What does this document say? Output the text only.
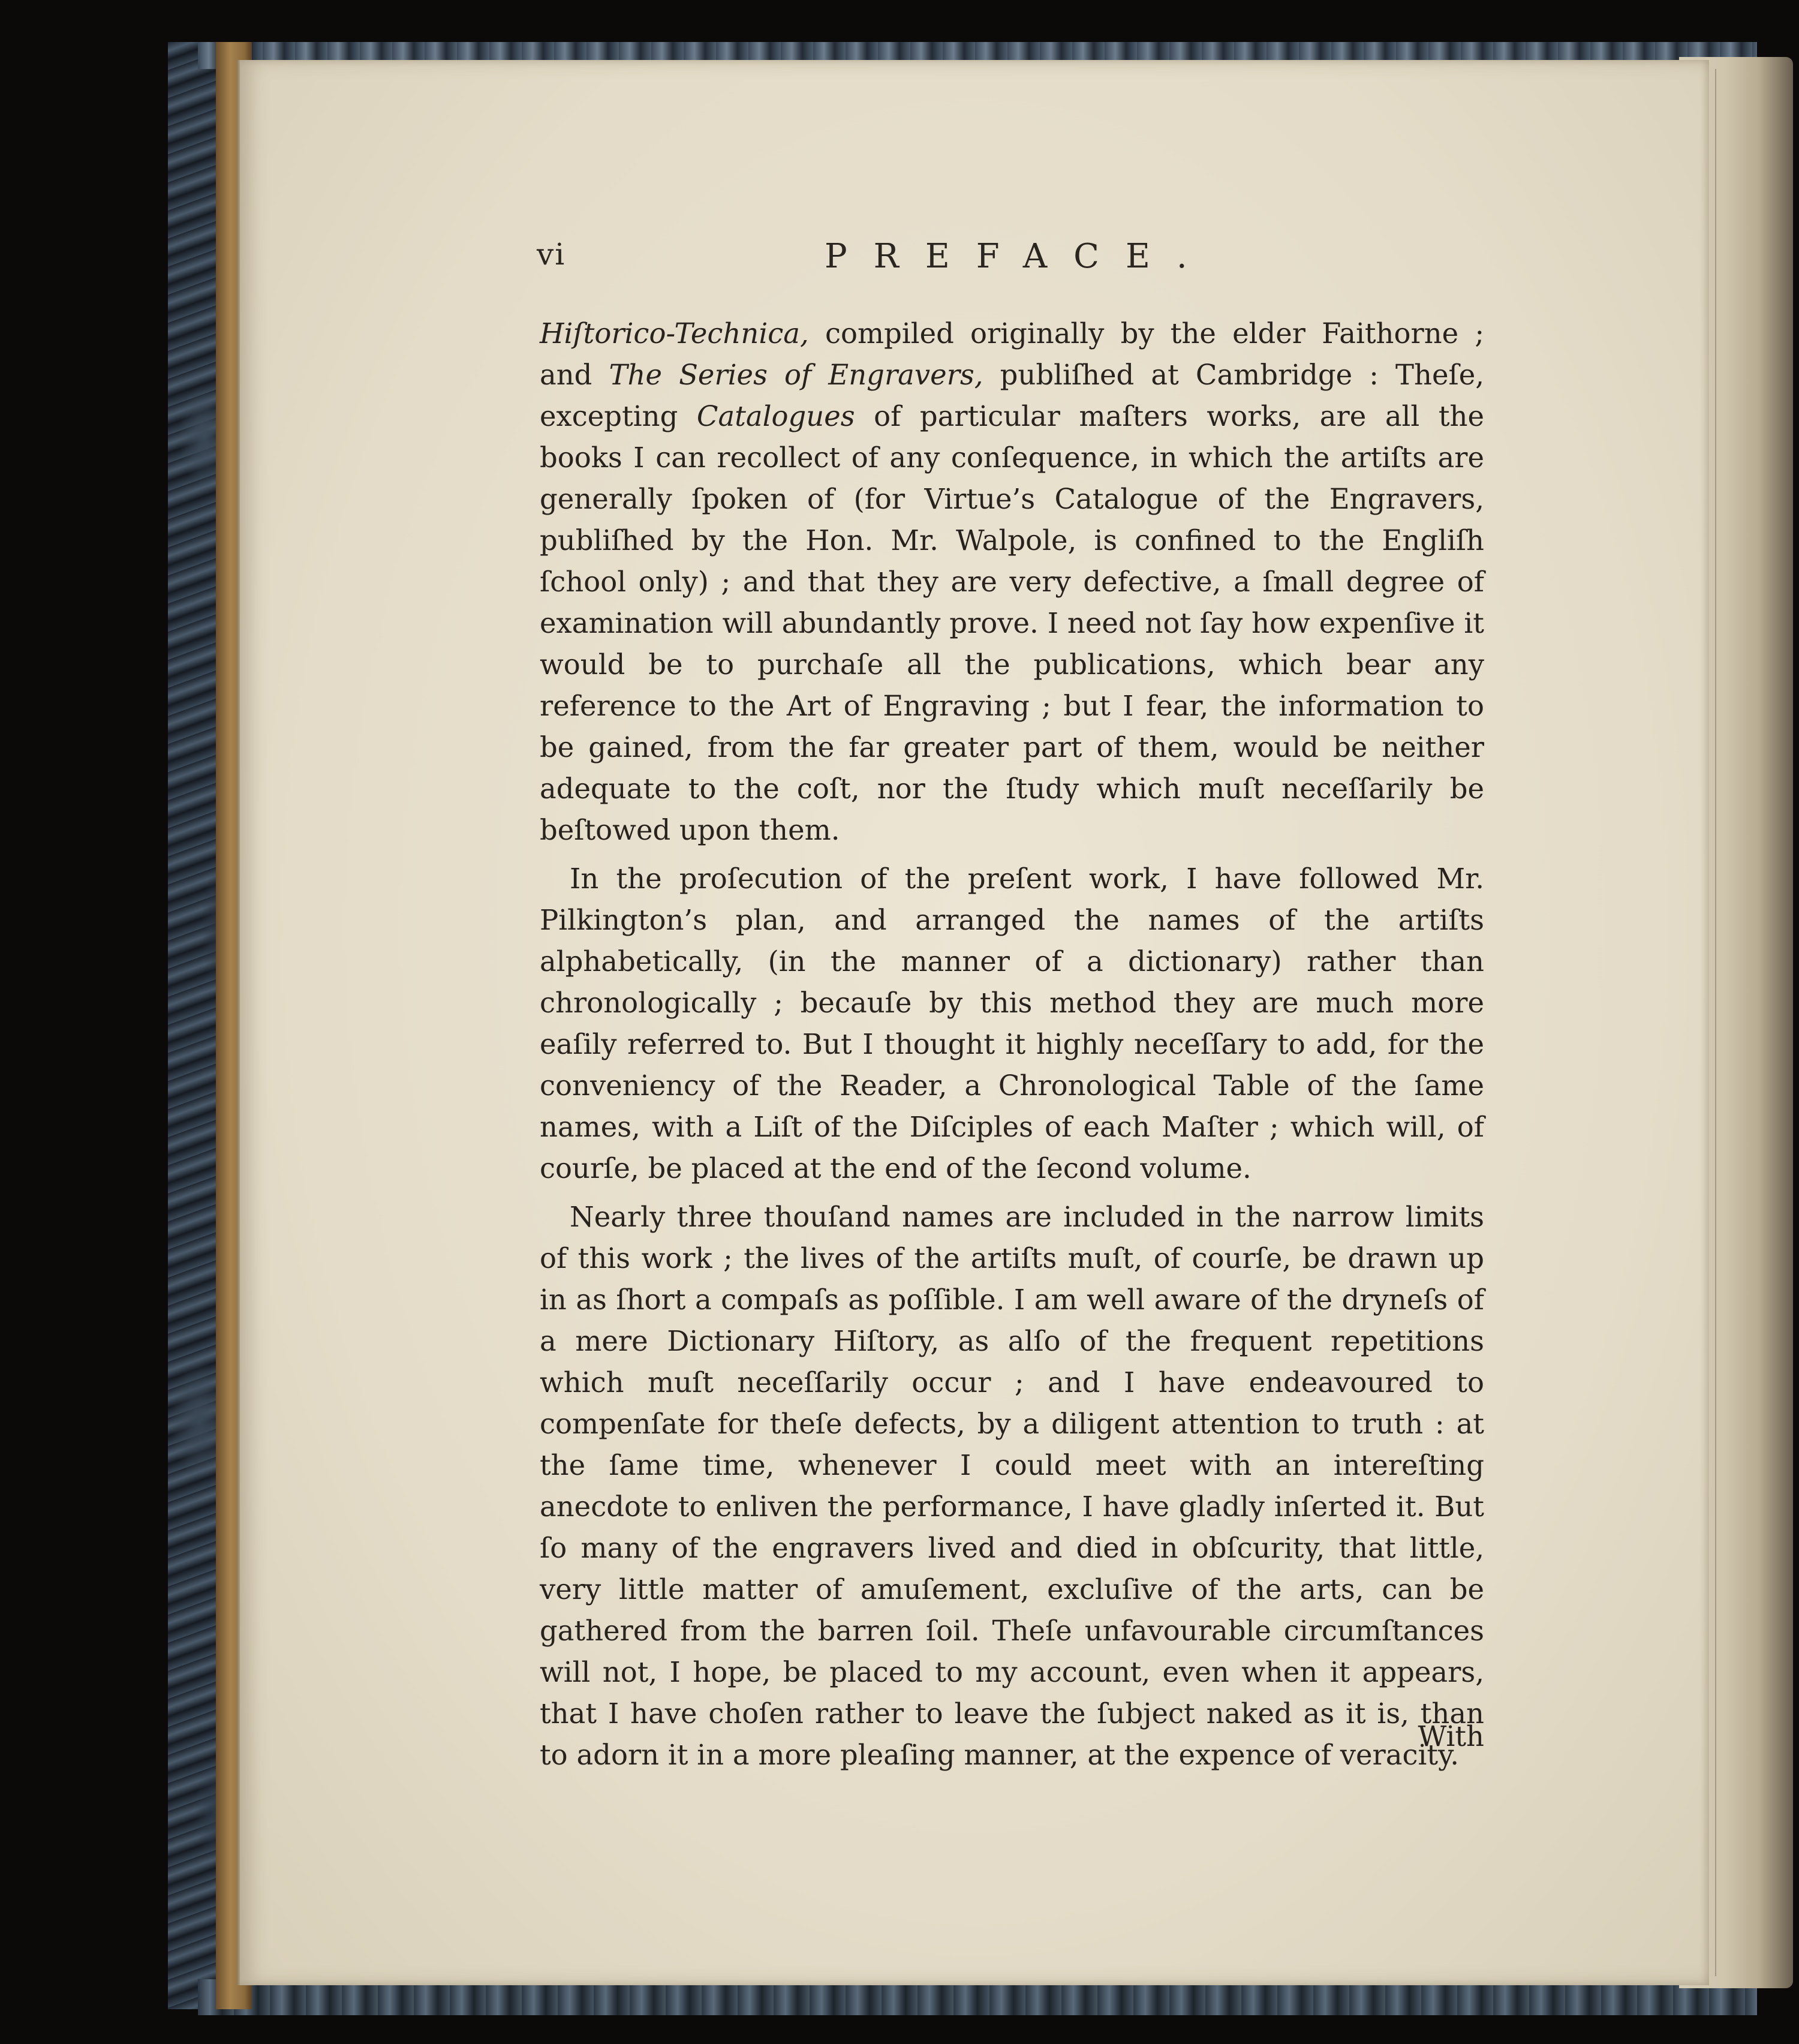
vi	PREFACE.

Hiſtorico-Technica, compiled originally by the elder Faithorne ; and The Series of Engravers, publiſhed at Cambridge : Theſe, excepting Catalogues of particular maſters works, are all the books I can recollect of any conſequence, in which the artiſts are generally ſpoken of (for Virtue’s Catalogue of the Engravers, publiſhed by the Hon. Mr. Walpole, is confined to the Engliſh ſchool only) ; and that they are very defective, a ſmall degree of examination will abundantly prove. I need not ſay how expenſive it would be to purchaſe all the publications, which bear any reference to the Art of Engraving ; but I fear, the information to be gained, from the far greater part of them, would be neither adequate to the coſt, nor the ſtudy which muſt neceſſarily be beſtowed upon them.

In the proſecution of the preſent work, I have followed Mr. Pilkington’s plan, and arranged the names of the artiſts alphabetically, (in the manner of a dictionary) rather than chronologically ; becauſe by this method they are much more eaſily referred to. But I thought it highly neceſſary to add, for the conveniency of the Reader, a Chronological Table of the ſame names, with a Liſt of the Diſciples of each Maſter ; which will, of courſe, be placed at the end of the ſecond volume.

Nearly three thouſand names are included in the narrow limits of this work ; the lives of the artiſts muſt, of courſe, be drawn up in as ſhort a compaſs as poſſible. I am well aware of the dryneſs of a mere Dictionary Hiſtory, as alſo of the frequent repetitions which muſt neceſſarily occur ; and I have endeavoured to compenſate for theſe defects, by a diligent attention to truth : at the ſame time, whenever I could meet with an intereſting anecdote to enliven the performance, I have gladly inſerted it. But ſo many of the engravers lived and died in obſcurity, that little, very little matter of amuſement, excluſive of the arts, can be gathered from the barren ſoil. Theſe unfavourable circumſtances will not, I hope, be placed to my account, even when it appears, that I have choſen rather to leave the ſubject naked as it is, than to adorn it in a more pleaſing manner, at the expence of veracity.

With
